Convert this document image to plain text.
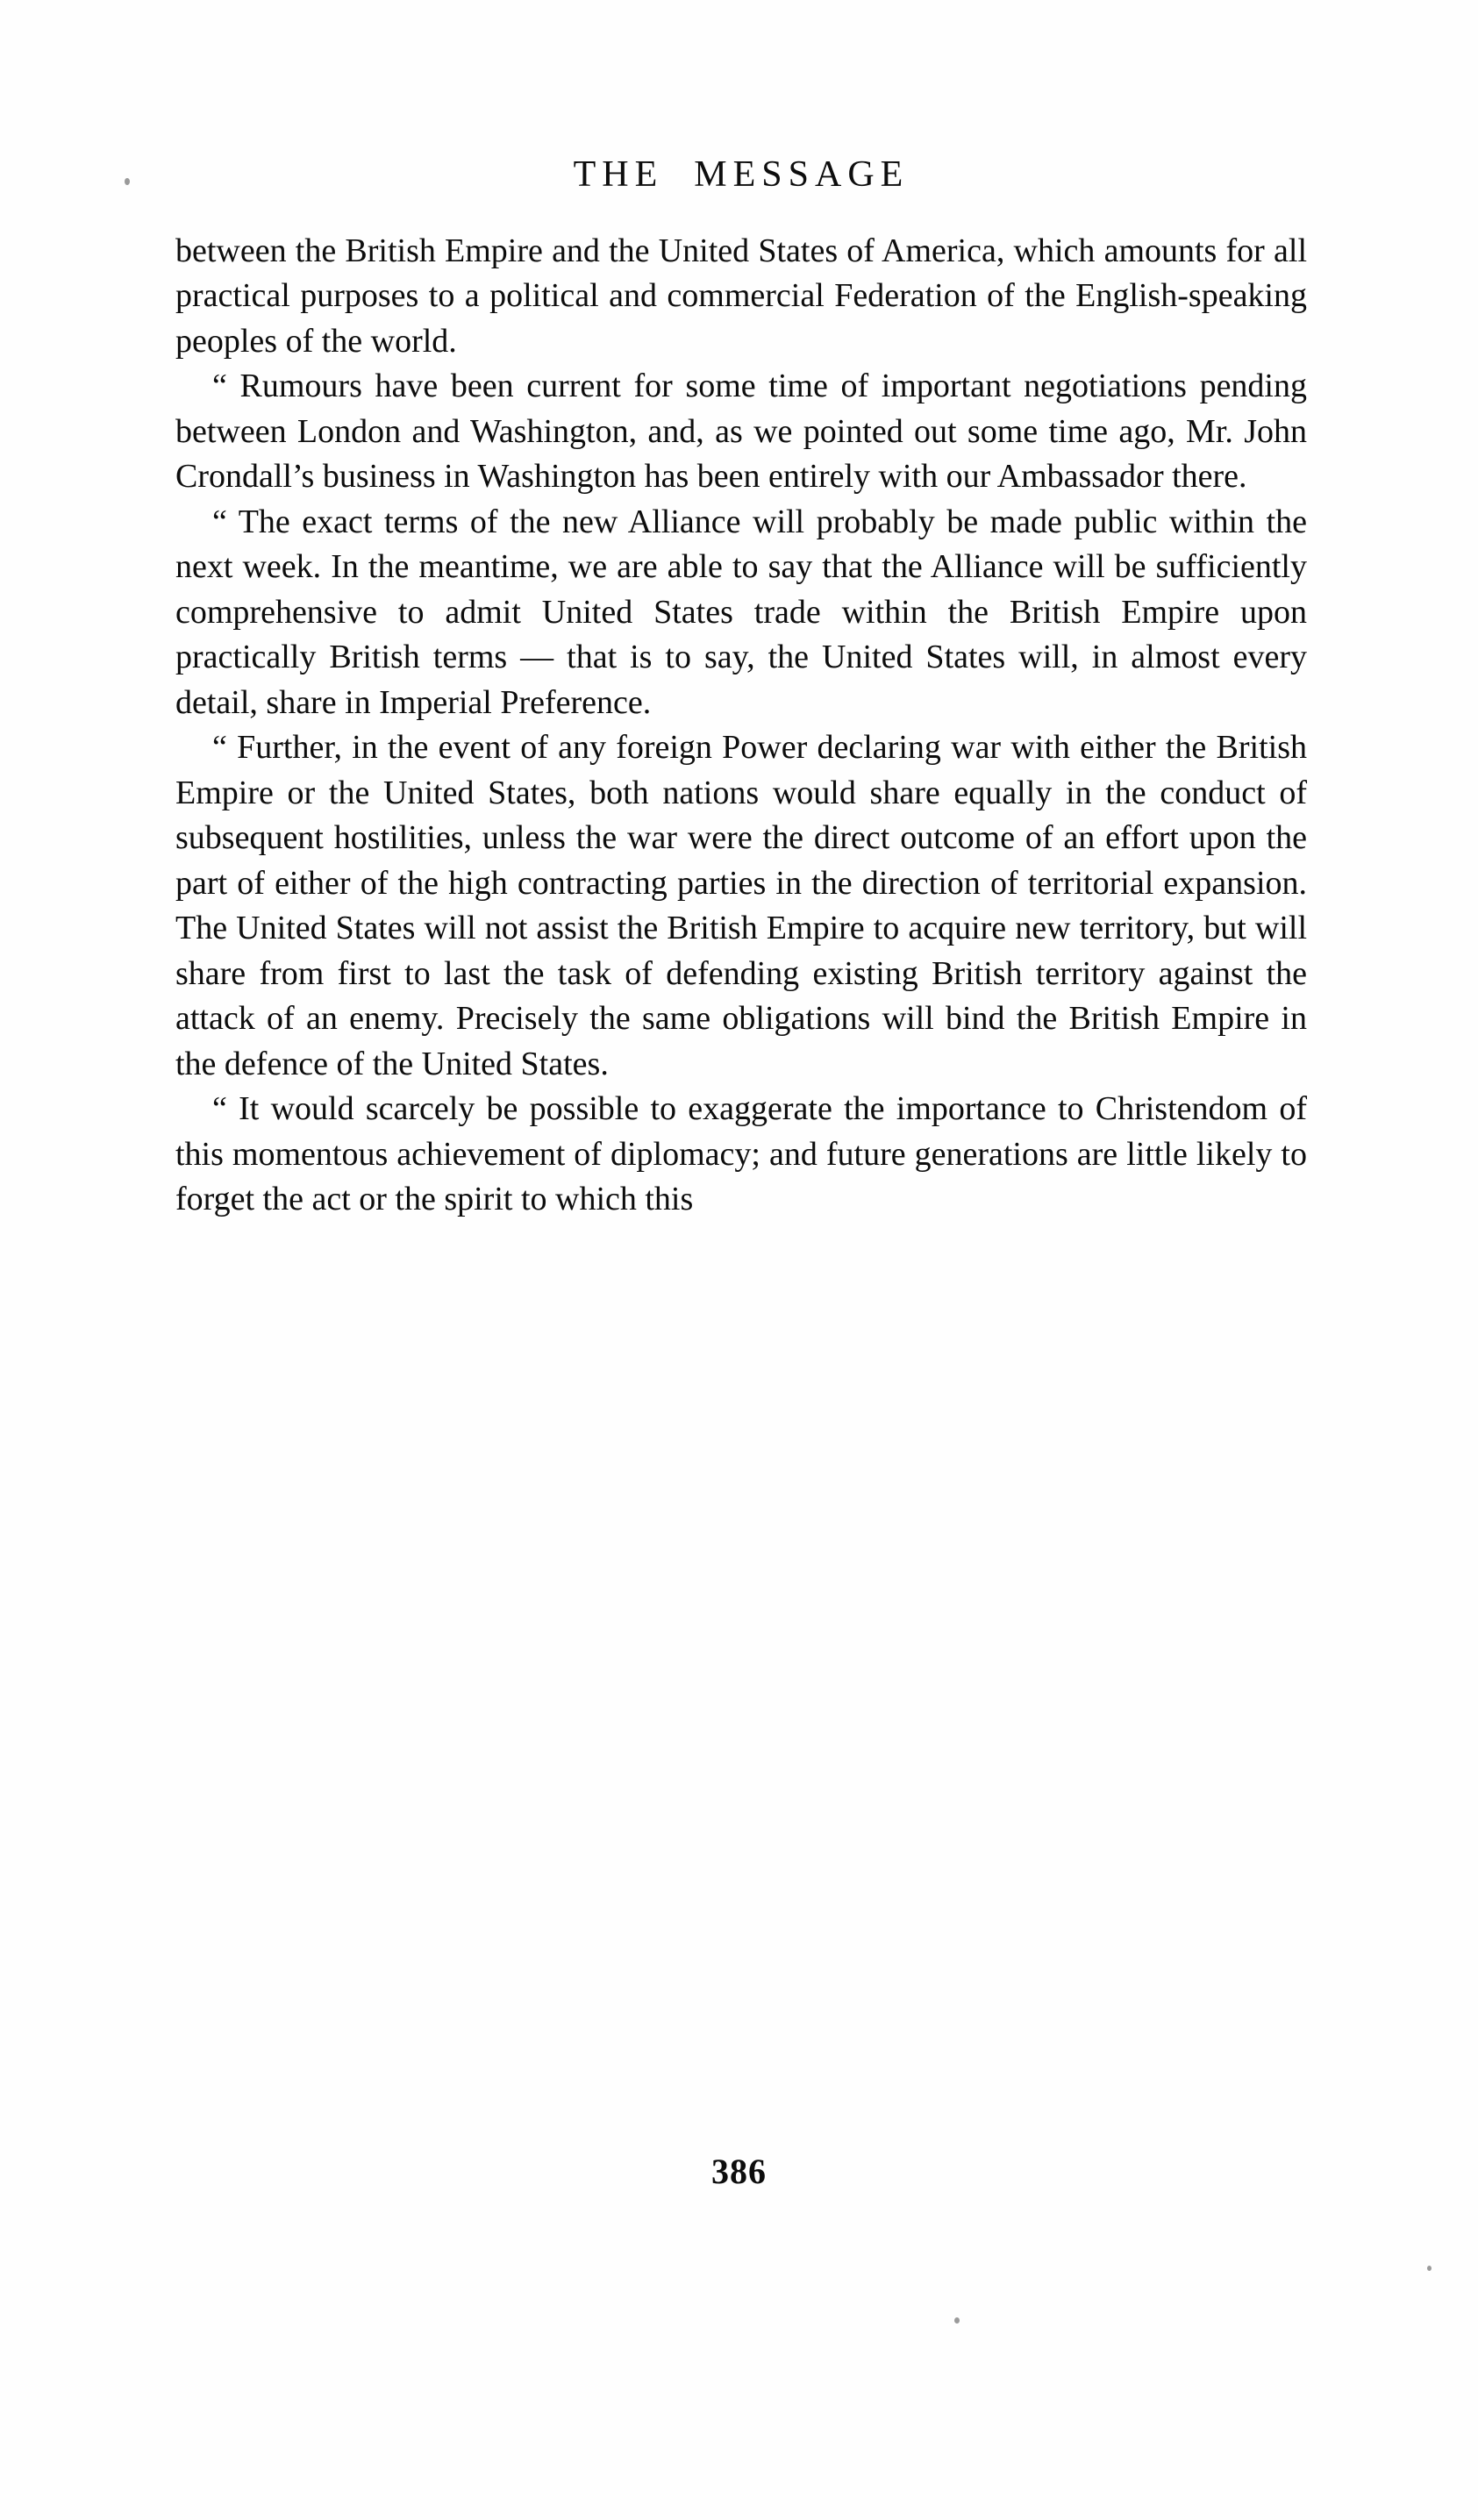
THE  MESSAGE

between the British Empire and the United States of America, which amounts for all practical purposes to a political and commercial Federation of the English-speaking peoples of the world.

“ Rumours have been current for some time of important negotiations pending between London and Washington, and, as we pointed out some time ago, Mr. John Crondall’s business in Washington has been entirely with our Ambassador there.

“ The exact terms of the new Alliance will probably be made public within the next week. In the meantime, we are able to say that the Alliance will be sufficiently comprehensive to admit United States trade within the British Empire upon practically British terms — that is to say, the United States will, in almost every detail, share in Imperial Preference.

“ Further, in the event of any foreign Power declaring war with either the British Empire or the United States, both nations would share equally in the conduct of subsequent hostilities, unless the war were the direct outcome of an effort upon the part of either of the high contracting parties in the direction of territorial expansion. The United States will not assist the British Empire to acquire new territory, but will share from first to last the task of defending existing British territory against the attack of an enemy. Precisely the same obligations will bind the British Empire in the defence of the United States.

“ It would scarcely be possible to exaggerate the importance to Christendom of this momentous achievement of diplomacy; and future generations are little likely to forget the act or the spirit to which this

386
